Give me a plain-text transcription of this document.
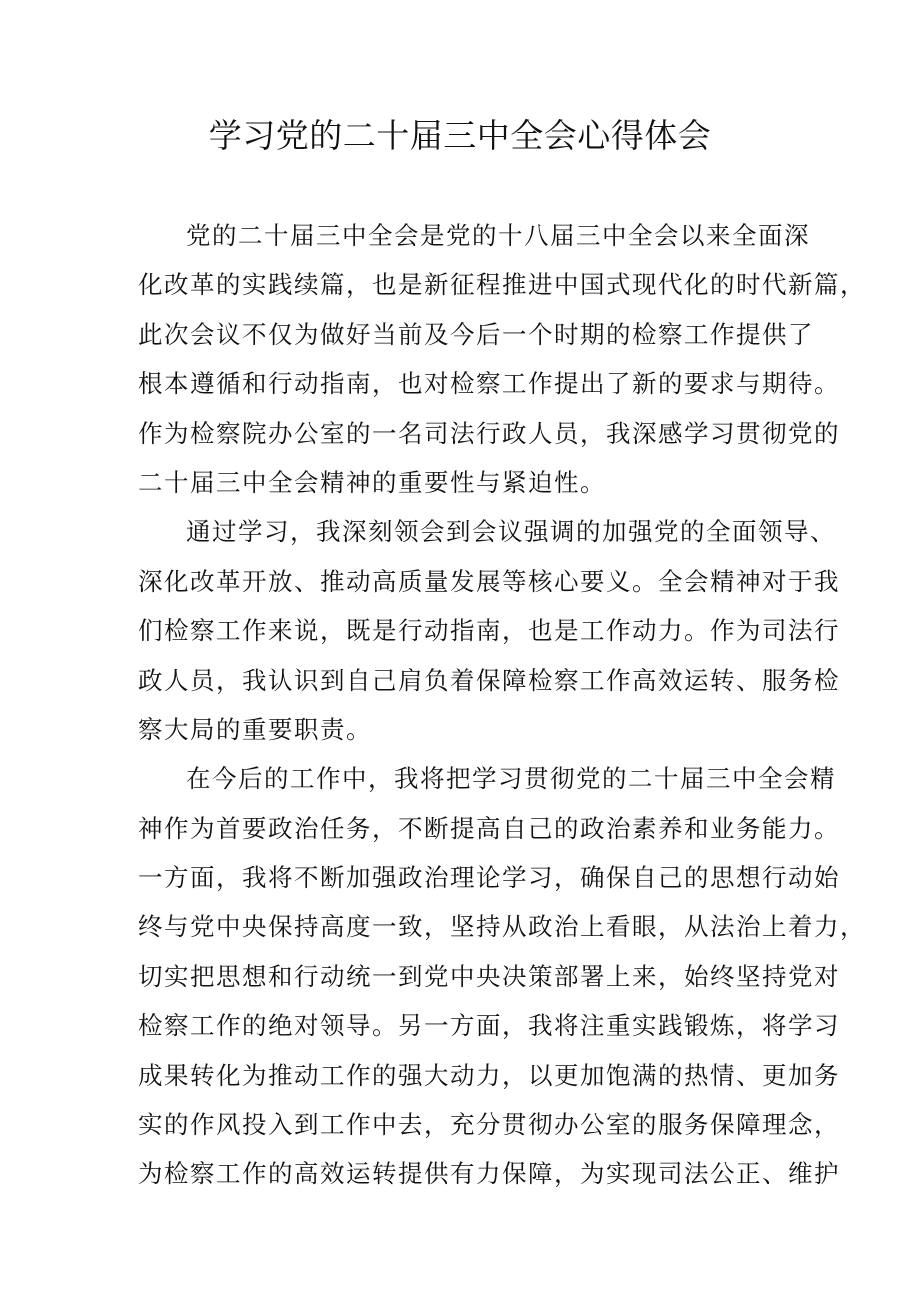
学习党的二十届三中全会心得体会
党的二十届三中全会是党的十八届三中全会以来全面深
化改革的实践续篇，也是新征程推进中国式现代化的时代新篇，
此次会议不仅为做好当前及今后一个时期的检察工作提供了
根本遵循和行动指南，也对检察工作提出了新的要求与期待。
作为检察院办公室的一名司法行政人员，我深感学习贯彻党的
二十届三中全会精神的重要性与紧迫性。
通过学习，我深刻领会到会议强调的加强党的全面领导、
深化改革开放、推动高质量发展等核心要义。全会精神对于我
们检察工作来说，既是行动指南，也是工作动力。作为司法行
政人员，我认识到自己肩负着保障检察工作高效运转、服务检
察大局的重要职责。
在今后的工作中，我将把学习贯彻党的二十届三中全会精
神作为首要政治任务，不断提高自己的政治素养和业务能力。
一方面，我将不断加强政治理论学习，确保自己的思想行动始
终与党中央保持高度一致，坚持从政治上看眼，从法治上着力，
切实把思想和行动统一到党中央决策部署上来，始终坚持党对
检察工作的绝对领导。另一方面，我将注重实践锻炼，将学习
成果转化为推动工作的强大动力，以更加饱满的热情、更加务
实的作风投入到工作中去，充分贯彻办公室的服务保障理念，
为检察工作的高效运转提供有力保障，为实现司法公正、维护
